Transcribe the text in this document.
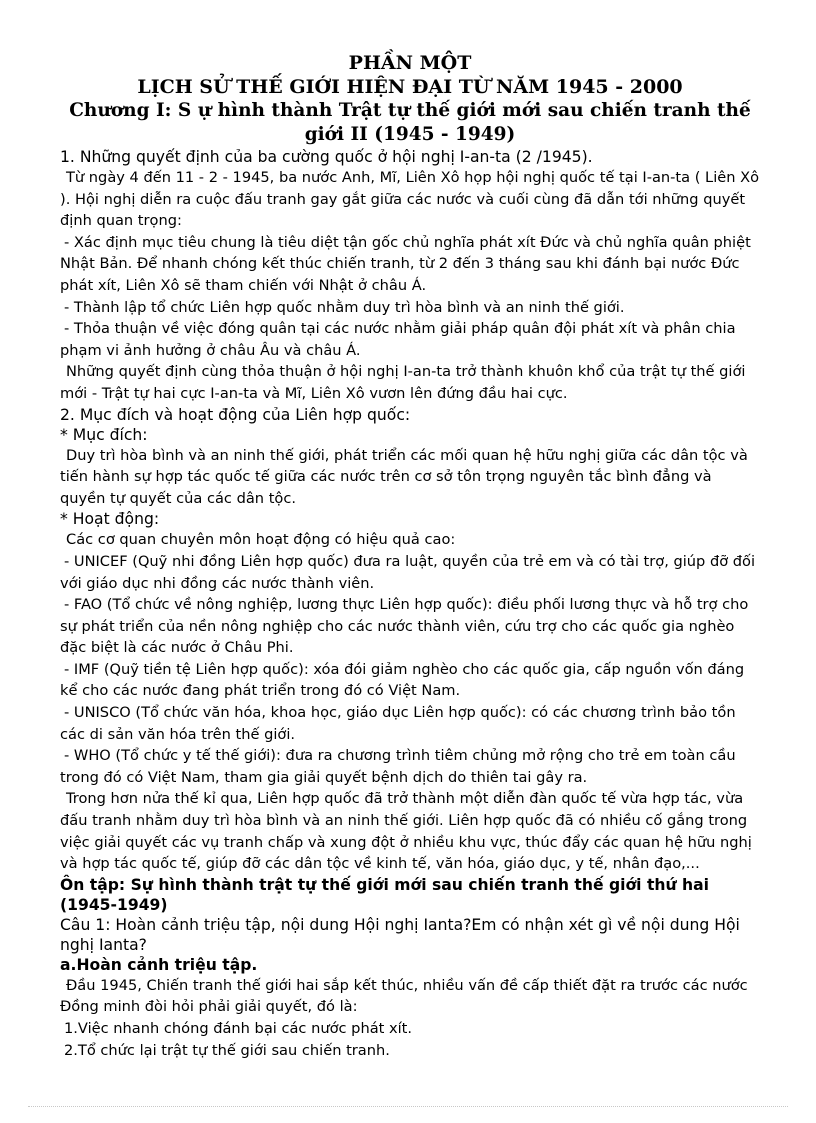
PHẦN MỘT
LỊCH SỬ THẾ GIỚI HIỆN ĐẠI TỪ NĂM 1945 - 2000
Chương I: S ự hình thành Trật tự thế giới mới sau chiến tranh thế giới II (1945 - 1949)
1. Những quyết định của ba cường quốc ở hội nghị I-an-ta (2 /1945).

Từ ngày 4 đến 11 - 2 - 1945, ba nước Anh, Mĩ, Liên Xô họp hội nghị quốc tế tại I-an-ta ( Liên Xô ). Hội nghị diễn ra cuộc đấu tranh gay gắt giữa các nước và cuối cùng đã dẫn tới những quyết định quan trọng:

- Xác định mục tiêu chung là tiêu diệt tận gốc chủ nghĩa phát xít Đức và chủ nghĩa quân phiệt Nhật Bản. Để nhanh chóng kết thúc chiến tranh, từ 2 đến 3 tháng sau khi đánh bại nước Đức phát xít, Liên Xô sẽ tham chiến với Nhật ở châu Á.

- Thành lập tổ chức Liên hợp quốc nhằm duy trì hòa bình và an ninh thế giới.

- Thỏa thuận về việc đóng quân tại các nước nhằm giải pháp quân đội phát xít và phân chia phạm vi ảnh hưởng ở châu Âu và châu Á.

Những quyết định cùng thỏa thuận ở hội nghị I-an-ta trở thành khuôn khổ của trật tự thế giới mới - Trật tự hai cực I-an-ta và Mĩ, Liên Xô vươn lên đứng đầu hai cực.

2. Mục đích và hoạt động của Liên hợp quốc:
* Mục đích:

Duy trì hòa bình và an ninh thế giới, phát triển các mối quan hệ hữu nghị giữa các dân tộc và tiến hành sự hợp tác quốc tế giữa các nước trên cơ sở tôn trọng nguyên tắc bình đẳng và quyền tự quyết của các dân tộc.

* Hoạt động:

Các cơ quan chuyên môn hoạt động có hiệu quả cao:

- UNICEF (Quỹ nhi đồng Liên hợp quốc) đưa ra luật, quyền của trẻ em và có tài trợ, giúp đỡ đối với giáo dục nhi đồng các nước thành viên.

- FAO (Tổ chức về nông nghiệp, lương thực Liên hợp quốc): điều phối lương thực và hỗ trợ cho sự phát triển của nền nông nghiệp cho các nước thành viên, cứu trợ cho các quốc gia nghèo đặc biệt là các nước ở Châu Phi.

- IMF (Quỹ tiền tệ Liên hợp quốc): xóa đói giảm nghèo cho các quốc gia, cấp nguồn vốn đáng kể cho các nước đang phát triển trong đó có Việt Nam.

- UNISCO (Tổ chức văn hóa, khoa học, giáo dục Liên hợp quốc): có các chương trình bảo tồn các di sản văn hóa trên thế giới.

- WHO (Tổ chức y tế thế giới): đưa ra chương trình tiêm chủng mở rộng cho trẻ em toàn cầu trong đó có Việt Nam, tham gia giải quyết bệnh dịch do thiên tai gây ra.

Trong hơn nửa thế kỉ qua, Liên hợp quốc đã trở thành một diễn đàn quốc tế vừa hợp tác, vừa đấu tranh nhằm duy trì hòa bình và an ninh thế giới. Liên hợp quốc đã có nhiều cố gắng trong việc giải quyết các vụ tranh chấp và xung đột ở nhiều khu vực, thúc đẩy các quan hệ hữu nghị và hợp tác quốc tế, giúp đỡ các dân tộc về kinh tế, văn hóa, giáo dục, y tế, nhân đạo,...

Ôn tập: Sự hình thành trật tự thế giới mới sau chiến tranh thế giới thứ hai (1945-1949)
Câu 1: Hoàn cảnh triệu tập, nội dung Hội nghị Ianta?Em có nhận xét gì về nội dung Hội nghị Ianta?
a.Hoàn cảnh triệu tập.

Đầu 1945, Chiến tranh thế giới hai sắp kết thúc, nhiều vấn đề cấp thiết đặt ra trước các nước Đồng minh đòi hỏi phải giải quyết, đó là:

1.Việc nhanh chóng đánh bại các nước phát xít.

2.Tổ chức lại trật tự thế giới sau chiến tranh.
